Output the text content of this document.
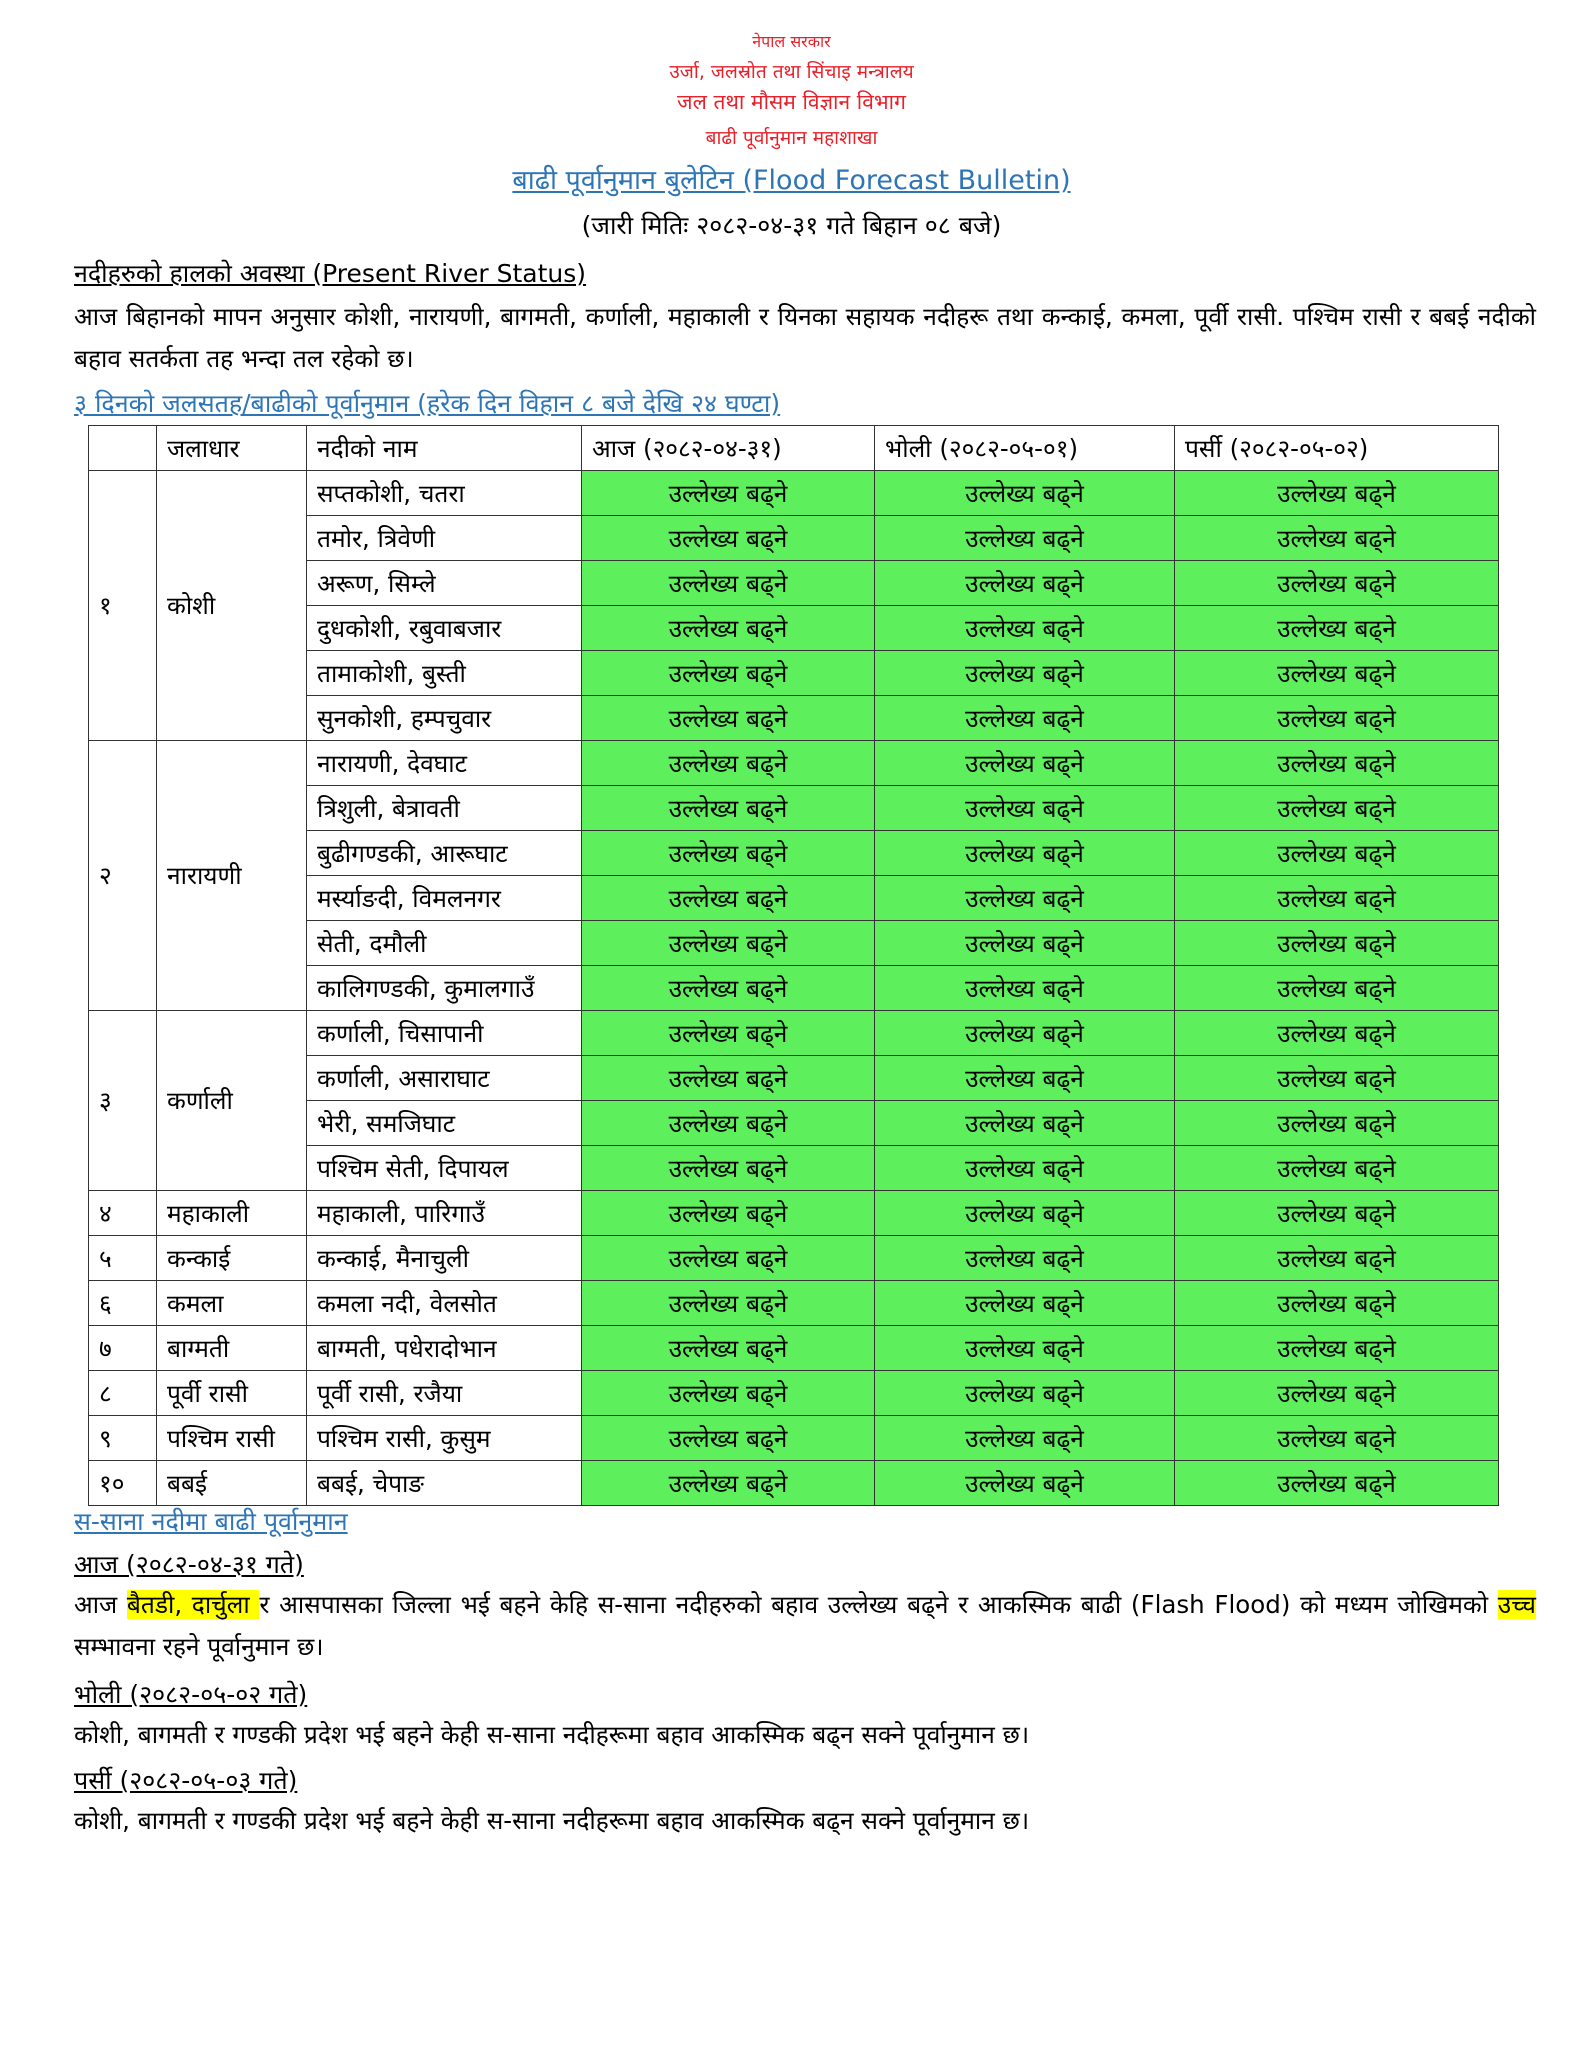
नेपाल सरकार
उर्जा, जलस्रोत तथा सिंचाइ मन्त्रालय
जल तथा मौसम विज्ञान विभाग
बाढी पूर्वानुमान महाशाखा
बाढी पूर्वानुमान बुलेटिन (Flood Forecast Bulletin)
(जारी मितिः २०८२-०४-३१ गते बिहान ०८ बजे)
नदीहरुको हालको अवस्था (Present River Status)
आज बिहानको मापन अनुसार कोशी, नारायणी, बागमती, कर्णाली, महाकाली र यिनका सहायक नदीहरू तथा कन्काई, कमला, पूर्वी रासी. पश्चिम रासी र बबई नदीको बहाव सतर्कता तह भन्दा तल रहेको छ।
३ दिनको जलसतह/बाढीको पूर्वानुमान (हरेक दिन विहान ८ बजे देखि २४ घण्टा)
	जलाधार	नदीको नाम	आज (२०८२-०४-३१)	भोली (२०८२-०५-०१)	पर्सी (२०८२-०५-०२)
१	कोशी	सप्तकोशी, चतरा	उल्लेख्य बढ्ने	उल्लेख्य बढ्ने	उल्लेख्य बढ्ने
		तमोर, त्रिवेणी	उल्लेख्य बढ्ने	उल्लेख्य बढ्ने	उल्लेख्य बढ्ने
		अरूण, सिम्ले	उल्लेख्य बढ्ने	उल्लेख्य बढ्ने	उल्लेख्य बढ्ने
		दुधकोशी, रबुवाबजार	उल्लेख्य बढ्ने	उल्लेख्य बढ्ने	उल्लेख्य बढ्ने
		तामाकोशी, बुस्ती	उल्लेख्य बढ्ने	उल्लेख्य बढ्ने	उल्लेख्य बढ्ने
		सुनकोशी, हम्पचुवार	उल्लेख्य बढ्ने	उल्लेख्य बढ्ने	उल्लेख्य बढ्ने
२	नारायणी	नारायणी, देवघाट	उल्लेख्य बढ्ने	उल्लेख्य बढ्ने	उल्लेख्य बढ्ने
		त्रिशुली, बेत्रावती	उल्लेख्य बढ्ने	उल्लेख्य बढ्ने	उल्लेख्य बढ्ने
		बुढीगण्डकी, आरूघाट	उल्लेख्य बढ्ने	उल्लेख्य बढ्ने	उल्लेख्य बढ्ने
		मर्स्याङदी, विमलनगर	उल्लेख्य बढ्ने	उल्लेख्य बढ्ने	उल्लेख्य बढ्ने
		सेती, दमौली	उल्लेख्य बढ्ने	उल्लेख्य बढ्ने	उल्लेख्य बढ्ने
		कालिगण्डकी, कुमालगाउँ	उल्लेख्य बढ्ने	उल्लेख्य बढ्ने	उल्लेख्य बढ्ने
३	कर्णाली	कर्णाली, चिसापानी	उल्लेख्य बढ्ने	उल्लेख्य बढ्ने	उल्लेख्य बढ्ने
		कर्णाली, असाराघाट	उल्लेख्य बढ्ने	उल्लेख्य बढ्ने	उल्लेख्य बढ्ने
		भेरी, समजिघाट	उल्लेख्य बढ्ने	उल्लेख्य बढ्ने	उल्लेख्य बढ्ने
		पश्चिम सेती, दिपायल	उल्लेख्य बढ्ने	उल्लेख्य बढ्ने	उल्लेख्य बढ्ने
४	महाकाली	महाकाली, पारिगाउँ	उल्लेख्य बढ्ने	उल्लेख्य बढ्ने	उल्लेख्य बढ्ने
५	कन्काई	कन्काई, मैनाचुली	उल्लेख्य बढ्ने	उल्लेख्य बढ्ने	उल्लेख्य बढ्ने
६	कमला	कमला नदी, वेलसोत	उल्लेख्य बढ्ने	उल्लेख्य बढ्ने	उल्लेख्य बढ्ने
७	बाग्मती	बाग्मती, पधेरादोभान	उल्लेख्य बढ्ने	उल्लेख्य बढ्ने	उल्लेख्य बढ्ने
८	पूर्वी रासी	पूर्वी रासी, रजैया	उल्लेख्य बढ्ने	उल्लेख्य बढ्ने	उल्लेख्य बढ्ने
९	पश्चिम रासी	पश्चिम रासी, कुसुम	उल्लेख्य बढ्ने	उल्लेख्य बढ्ने	उल्लेख्य बढ्ने
१०	बबई	बबई, चेपाङ	उल्लेख्य बढ्ने	उल्लेख्य बढ्ने	उल्लेख्य बढ्ने
स-साना नदीमा बाढी पूर्वानुमान
आज (२०८२-०४-३१ गते)
आज बैतडी, दार्चुला र आसपासका जिल्ला भई बहने केहि स-साना नदीहरुको बहाव उल्लेख्य बढ्ने र आकस्मिक बाढी (Flash Flood) को मध्यम जोखिमको उच्च सम्भावना रहने पूर्वानुमान छ।
भोली (२०८२-०५-०२ गते)
कोशी, बागमती र गण्डकी प्रदेश भई बहने केही स-साना नदीहरूमा बहाव आकस्मिक बढ्न सक्ने पूर्वानुमान छ।
पर्सी (२०८२-०५-०३ गते)
कोशी, बागमती र गण्डकी प्रदेश भई बहने केही स-साना नदीहरूमा बहाव आकस्मिक बढ्न सक्ने पूर्वानुमान छ।
